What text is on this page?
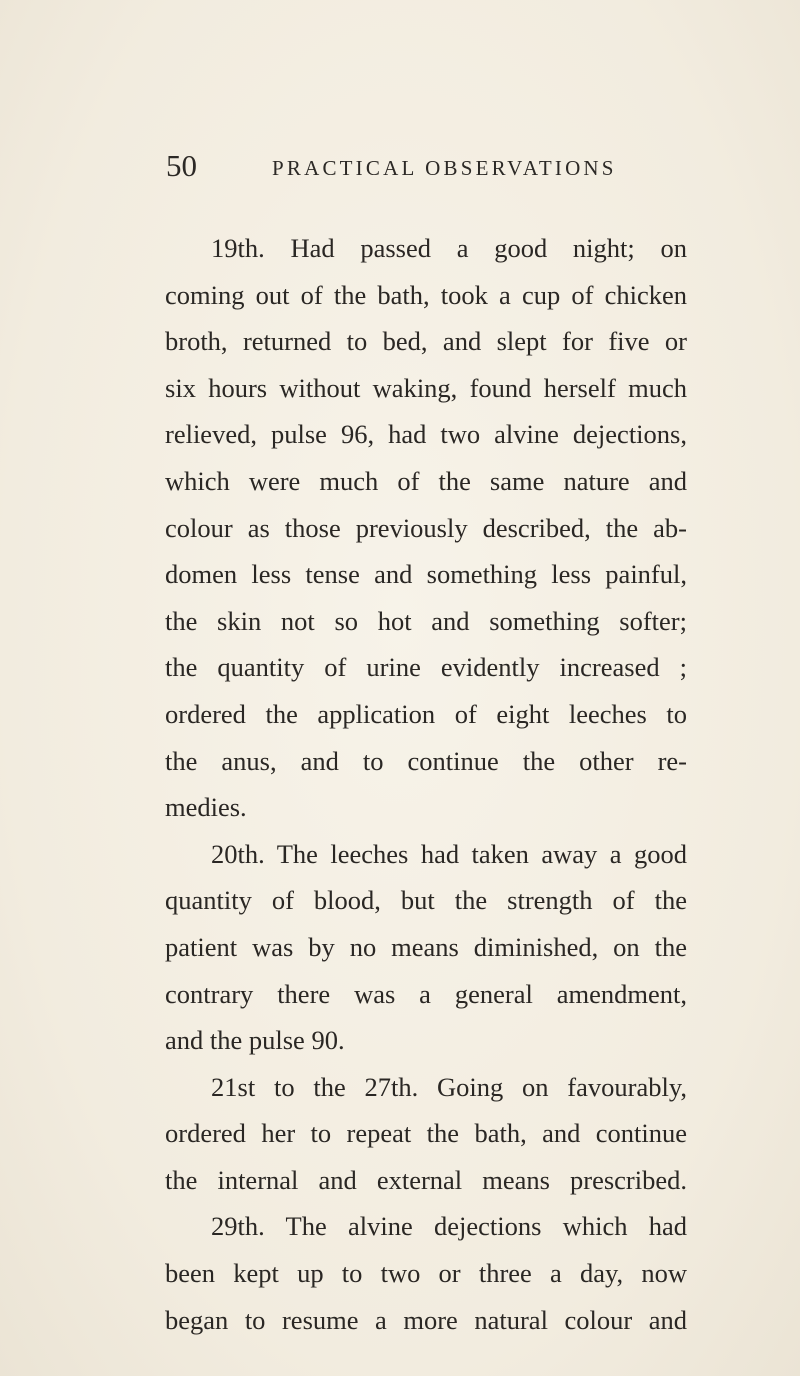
50	PRACTICAL OBSERVATIONS
19th. Had passed a good night; on
coming out of the bath, took a cup of chicken
broth, returned to bed, and slept for five or
six hours without waking, found herself much
relieved, pulse 96, had two alvine dejections,
which were much of the same nature and
colour as those previously described, the ab-
domen less tense and something less painful,
the skin not so hot and something softer;
the quantity of urine evidently increased ;
ordered the application of eight leeches to
the anus, and to continue the other re-
medies.
20th. The leeches had taken away a good
quantity of blood, but the strength of the
patient was by no means diminished, on the
contrary there was a general amendment,
and the pulse 90.
21st to the 27th. Going on favourably,
ordered her to repeat the bath, and continue
the internal and external means prescribed.
29th. The alvine dejections which had
been kept up to two or three a day, now
began to resume a more natural colour and
